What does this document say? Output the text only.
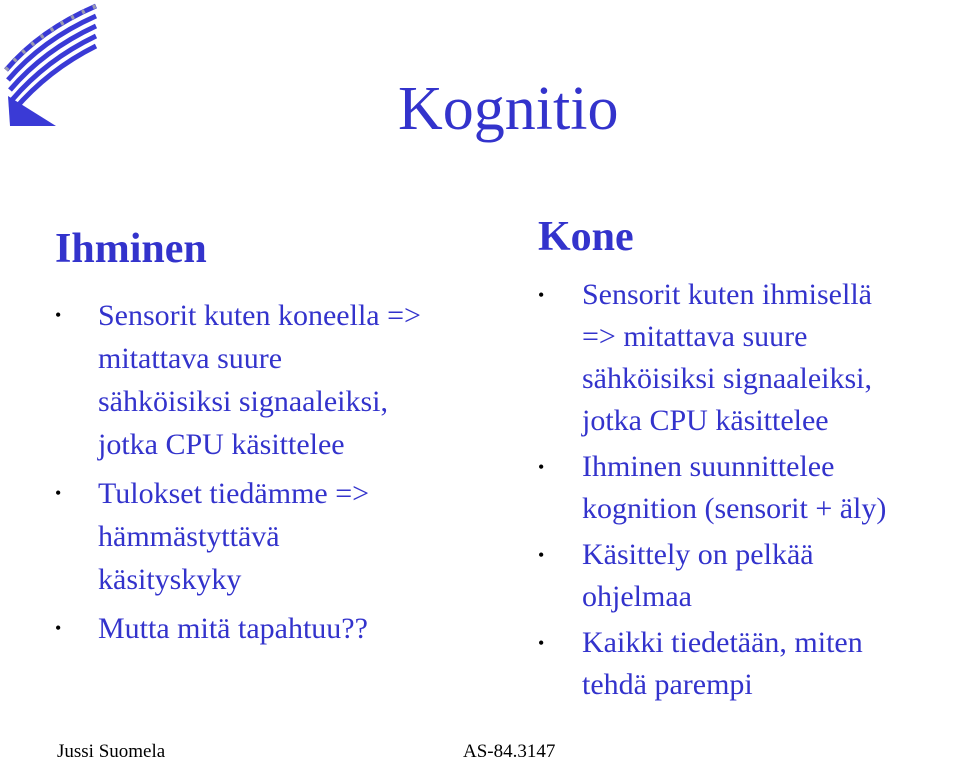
Kognitio
Ihminen
• Sensorit kuten koneella =>
mitattava suure
sähköisiksi signaaleiksi,
jotka CPU käsittelee
• Tulokset tiedämme =>
hämmästyttävä
käsityskyky
• Mutta mitä tapahtuu??
Kone
• Sensorit kuten ihmisellä
=> mitattava suure
sähköisiksi signaaleiksi,
jotka CPU käsittelee
• Ihminen suunnittelee
kognition (sensorit + äly)
• Käsittely on pelkää
ohjelmaa
• Kaikki tiedetään, miten
tehdä parempi
Jussi Suomela	AS-84.3147
